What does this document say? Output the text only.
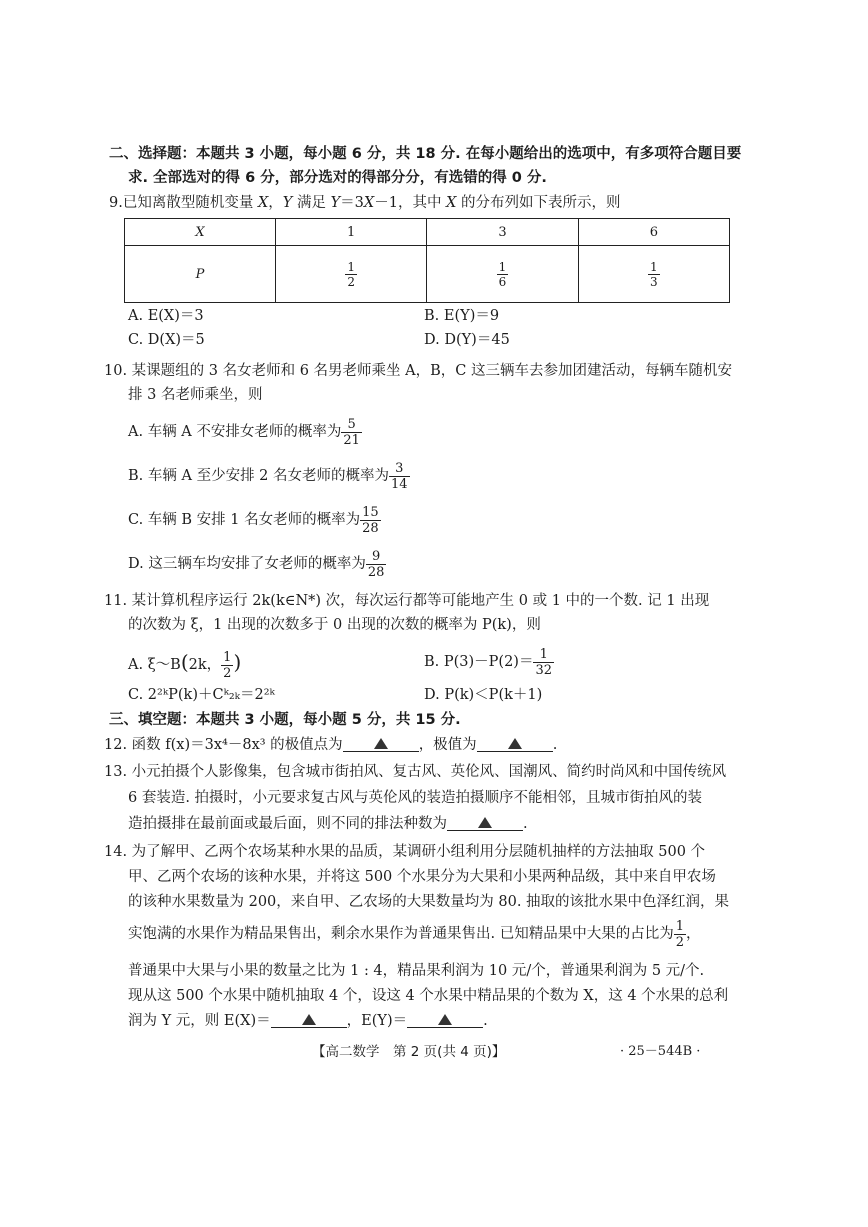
二、选择题：本题共 3 小题，每小题 6 分，共 18 分. 在每小题给出的选项中，有多项符合题目要
求. 全部选对的得 6 分，部分选对的得部分分，有选错的得 0 分.
9.已知离散型随机变量 X，Y 满足 Y＝3X－1，其中 X 的分布列如下表所示，则
X	1	3	6
P	$\frac{1}{2}$	$\frac{1}{6}$	$\frac{1}{3}$
A. E(X)＝3	B. E(Y)＝9
C. D(X)＝5	D. D(Y)＝45
10. 某课题组的 3 名女老师和 6 名男老师乘坐 A，B，C 这三辆车去参加团建活动，每辆车随机安
排 3 名老师乘坐，则
A. 车辆 A 不安排女老师的概率为 $\frac{5}{21}$
B. 车辆 A 至少安排 2 名女老师的概率为 $\frac{3}{14}$
C. 车辆 B 安排 1 名女老师的概率为 $\frac{15}{28}$
D. 这三辆车均安排了女老师的概率为 $\frac{9}{28}$
11. 某计算机程序运行 2k(k∈N*) 次，每次运行都等可能地产生 0 或 1 中的一个数. 记 1 出现
的次数为 ξ，1 出现的次数多于 0 出现的次数的概率为 P(k)，则
A. ξ～B(2k， $\frac{1}{2}$ )	B. $P(3)-P(2)= \frac{1}{32}$
C. 2²ᵏP(k)＋Cᵏ₂ₖ＝2²ᵏ	D. P(k)＜P(k＋1)
三、填空题：本题共 3 小题，每小题 5 分，共 15 分.
12. 函数 f(x)＝3x⁴－8x³ 的极值点为	，极值为	.
13. 小元拍摄个人影像集，包含城市街拍风、复古风、英伦风、国潮风、简约时尚风和中国传统风
6 套装造. 拍摄时，小元要求复古风与英伦风的装造拍摄顺序不能相邻，且城市街拍风的装
造拍摄排在最前面或最后面，则不同的排法种数为	.
14. 为了解甲、乙两个农场某种水果的品质，某调研小组利用分层随机抽样的方法抽取 500 个
甲、乙两个农场的该种水果，并将这 500 个水果分为大果和小果两种品级，其中来自甲农场
的该种水果数量为 200，来自甲、乙农场的大果数量均为 80. 抽取的该批水果中色泽红润，果
实饱满的水果作为精品果售出，剩余水果作为普通果售出. 已知精品果中大果的占比为 $\frac{1}{2}$ ，
普通果中大果与小果的数量之比为 1 : 4，精品果利润为 10 元/个，普通果利润为 5 元/个.
现从这 500 个水果中随机抽取 4 个，设这 4 个水果中精品果的个数为 X，这 4 个水果的总利
润为 Y 元，则 E(X)＝	，E(Y)＝	.
【高二数学　第 2 页(共 4 页)】	· 25－544B ·
